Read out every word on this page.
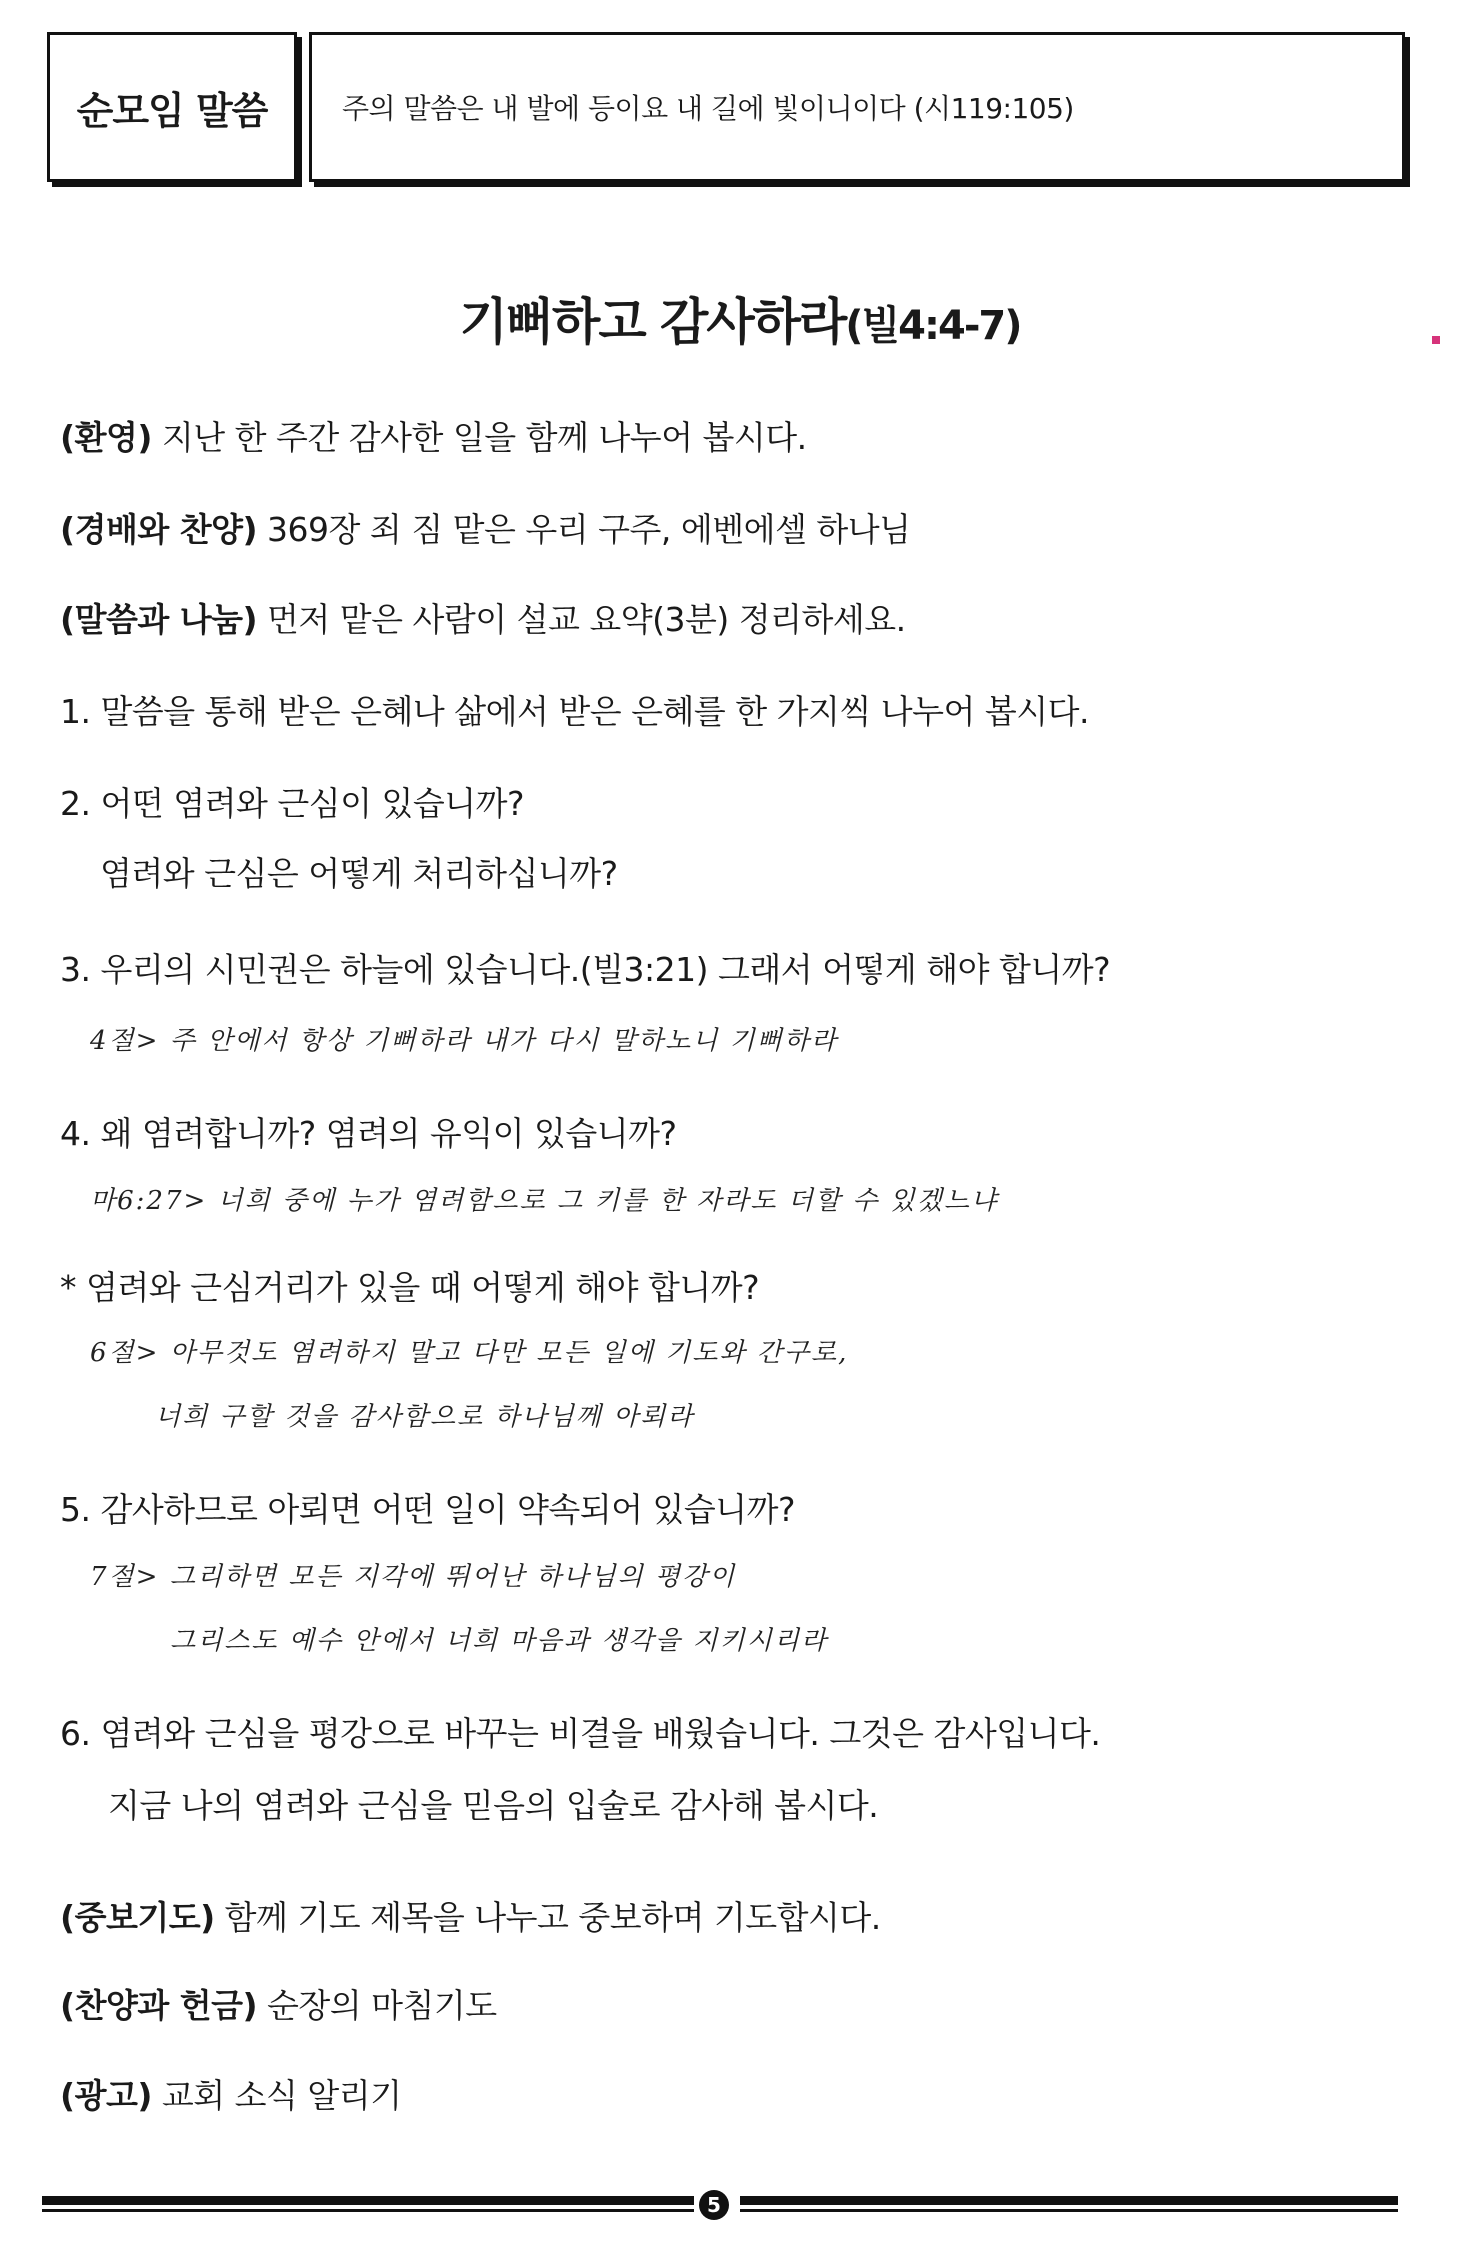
순모임 말씀	주의 말씀은 내 발에 등이요 내 길에 빛이니이다 (시119:105)
기뻐하고 감사하라(빌4:4-7)
(환영) 지난 한 주간 감사한 일을 함께 나누어 봅시다.
(경배와 찬양) 369장 죄 짐 맡은 우리 구주, 에벤에셀 하나님
(말씀과 나눔) 먼저 맡은 사람이 설교 요약(3분) 정리하세요.
1. 말씀을 통해 받은 은혜나 삶에서 받은 은혜를 한 가지씩 나누어 봅시다.
2. 어떤 염려와 근심이 있습니까?
염려와 근심은 어떻게 처리하십니까?
3. 우리의 시민권은 하늘에 있습니다.(빌3:21) 그래서 어떻게 해야 합니까?
4절> 주 안에서 항상 기뻐하라 내가 다시 말하노니 기뻐하라
4. 왜 염려합니까? 염려의 유익이 있습니까?
마6:27> 너희 중에 누가 염려함으로 그 키를 한 자라도 더할 수 있겠느냐
* 염려와 근심거리가 있을 때 어떻게 해야 합니까?
6절> 아무것도 염려하지 말고 다만 모든 일에 기도와 간구로,
너희 구할 것을 감사함으로 하나님께 아뢰라
5. 감사하므로 아뢰면 어떤 일이 약속되어 있습니까?
7절> 그리하면 모든 지각에 뛰어난 하나님의 평강이
그리스도 예수 안에서 너희 마음과 생각을 지키시리라
6. 염려와 근심을 평강으로 바꾸는 비결을 배웠습니다. 그것은 감사입니다.
지금 나의 염려와 근심을 믿음의 입술로 감사해 봅시다.
(중보기도) 함께 기도 제목을 나누고 중보하며 기도합시다.
(찬양과 헌금) 순장의 마침기도
(광고) 교회 소식 알리기
5
